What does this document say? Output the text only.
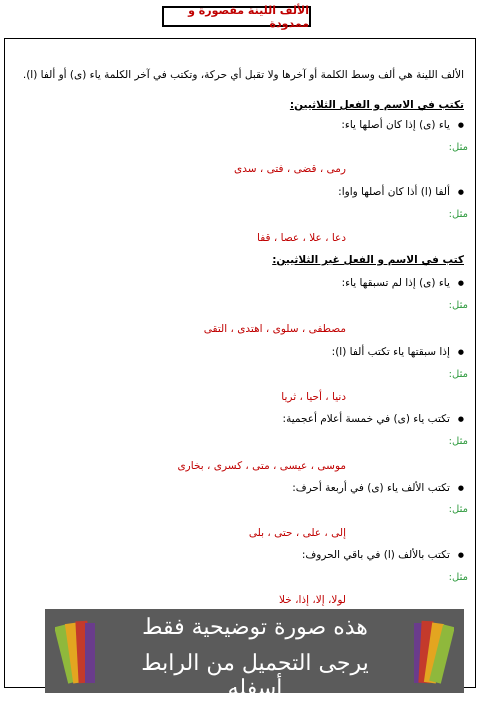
الألف اللينة مقصورة و ممدودة
الألف اللينة هي ألف وسط الكلمة أو آخرها ولا تقبل أي حركة، وتكتب في آخر الكلمة ياء (ى) أو ألفا (ا).
تكتب في الاسم و الفعل الثلاثيين:
● ياء (ى) إذا كان أصلها ياء:
مثل:
رمى ، قضى ، فتى ، سدى
● ألفا (ا) أذا كان أصلها واوا:
مثل:
دعا ، علا ، عصا ، قفا
كتب في الاسم و الفعل غير الثلاثيين:
● ياء (ى) إذا لم تسبقها ياء:
مثل:
مصطفى ، سلوى ، اهتدى ، التقى
● إذا سبقتها ياء تكتب ألفا (ا):
مثل:
دنيا ، أحيا ، ثريا
● تكتب ياء (ى) في خمسة أعلام أعجمية:
مثل:
موسى ، عيسى ، متى ، كسرى ، بخارى
● تكتب الألف ياء (ى) في أربعة أحرف:
مثل:
إلى ، على ، حتى ، بلى
● تكتب بالألف (ا) في باقي الحروف:
مثل:
لولا، إلا، إذا، خلا
هذه صورة توضيحية فقط
يرجى التحميل من الرابط أسفله
